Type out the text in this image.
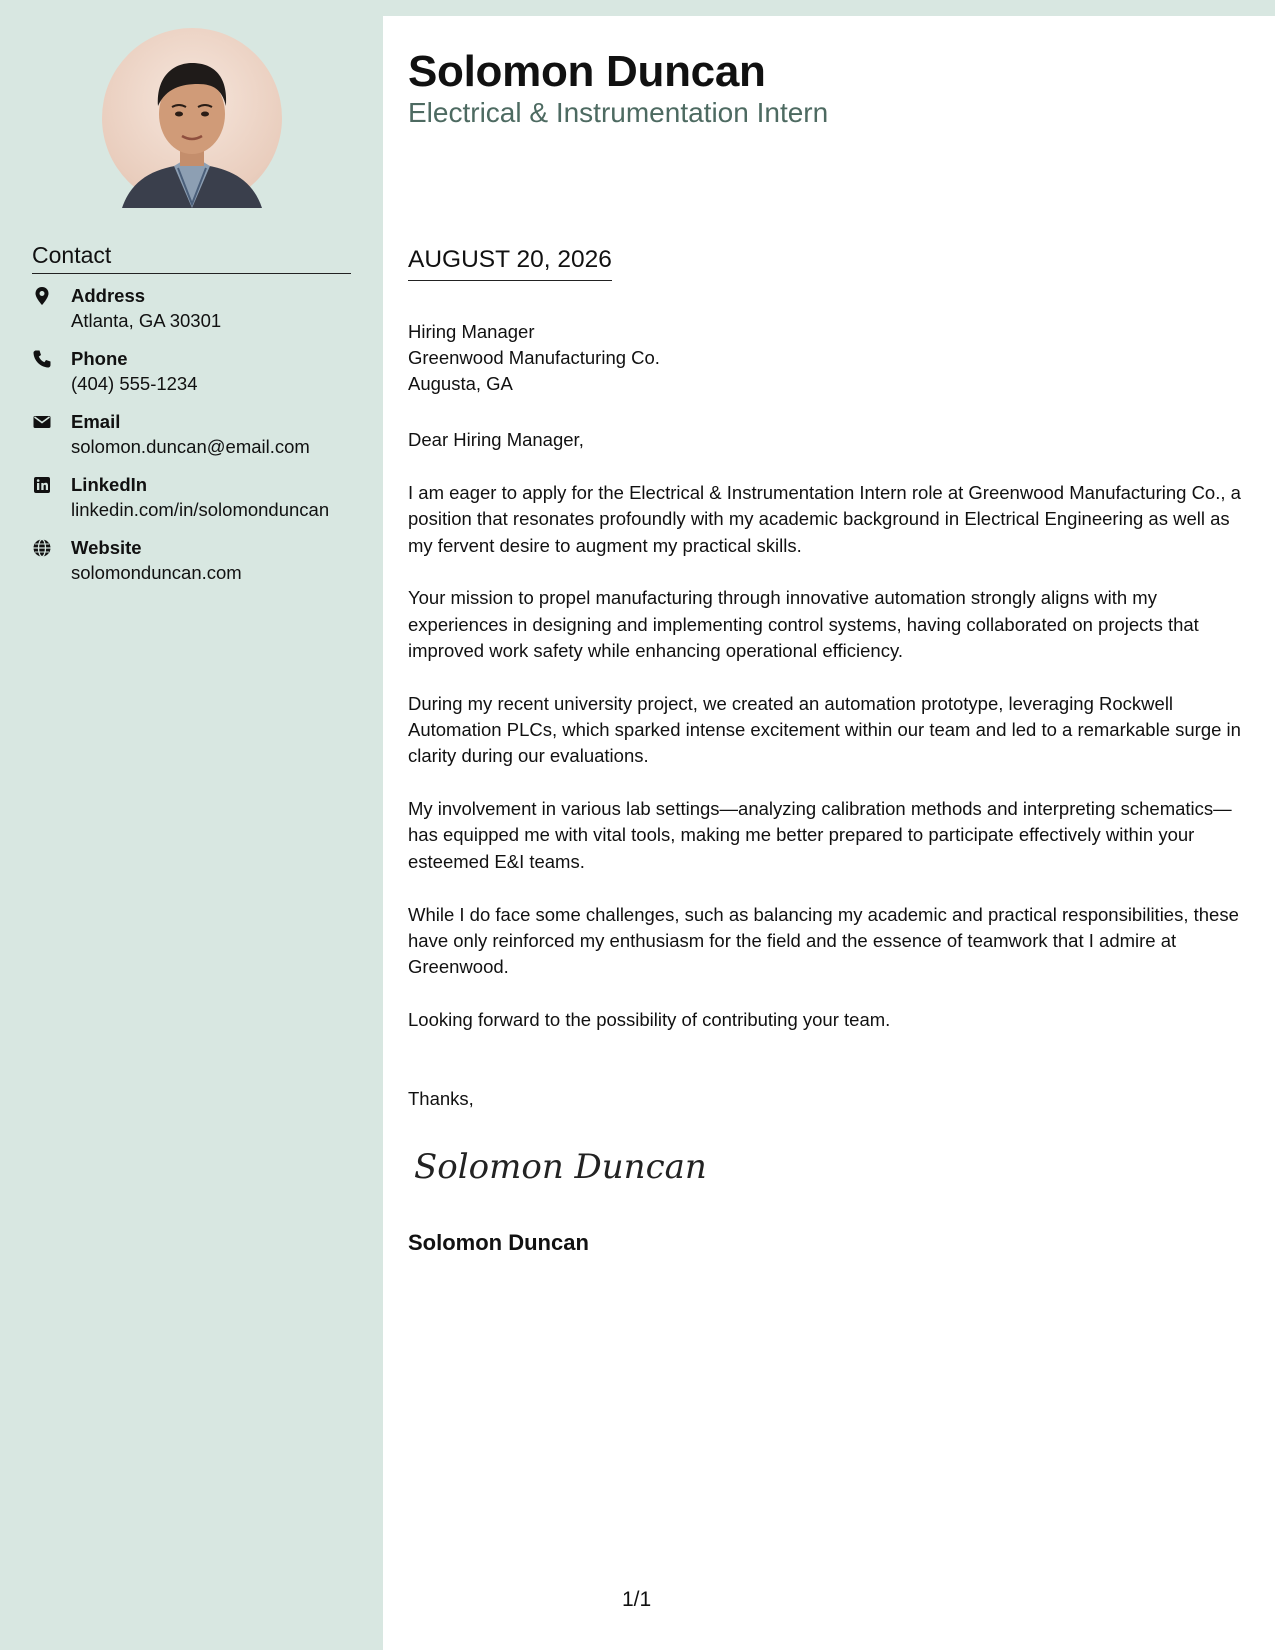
Contact
Address
Atlanta, GA 30301
Phone
(404) 555-1234
Email
solomon.duncan@email.com
LinkedIn
linkedin.com/in/solomonduncan
Website
solomonduncan.com
Solomon Duncan
Electrical & Instrumentation Intern
AUGUST 20, 2026
Hiring Manager
Greenwood Manufacturing Co.
Augusta, GA
Dear Hiring Manager,

I am eager to apply for the Electrical & Instrumentation Intern role at Greenwood Manufacturing Co., a position that resonates profoundly with my academic background in Electrical Engineering as well as my fervent desire to augment my practical skills.

Your mission to propel manufacturing through innovative automation strongly aligns with my experiences in designing and implementing control systems, having collaborated on projects that improved work safety while enhancing operational efficiency.

During my recent university project, we created an automation prototype, leveraging Rockwell Automation PLCs, which sparked intense excitement within our team and led to a remarkable surge in clarity during our evaluations.

My involvement in various lab settings—analyzing calibration methods and interpreting schematics—has equipped me with vital tools, making me better prepared to participate effectively within your esteemed E&I teams.

While I do face some challenges, such as balancing my academic and practical responsibilities, these have only reinforced my enthusiasm for the field and the essence of teamwork that I admire at Greenwood.

Looking forward to the possibility of contributing your team.

Thanks,
Solomon Duncan
Solomon Duncan
1/1
